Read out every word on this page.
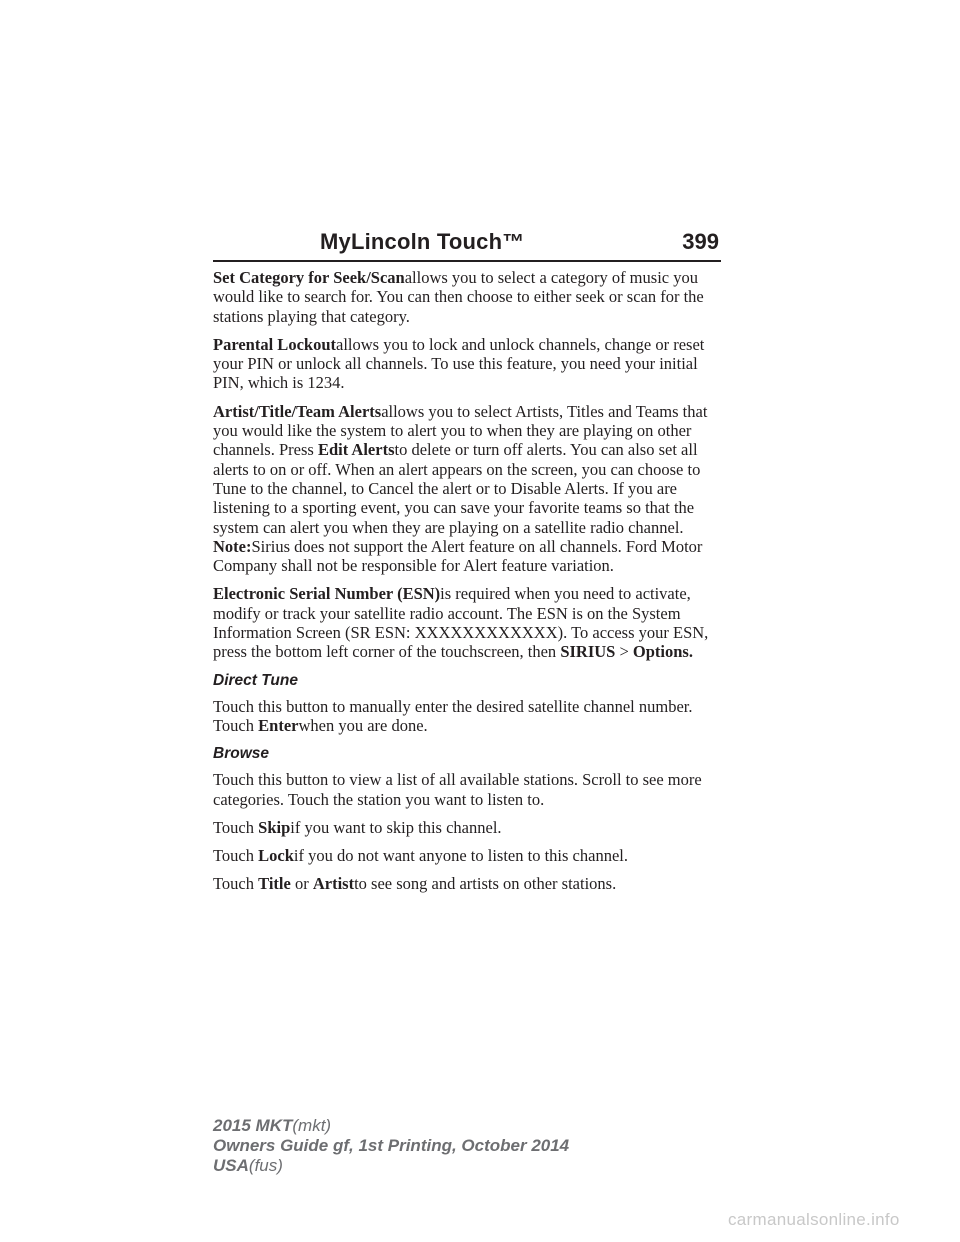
MyLincoln Touch™	399

Set Category for Seek/Scanallows you to select a category of music you would like to search for. You can then choose to either seek or scan for the stations playing that category.

Parental Lockoutallows you to lock and unlock channels, change or reset your PIN or unlock all channels. To use this feature, you need your initial PIN, which is 1234.

Artist/Title/Team Alertsallows you to select Artists, Titles and Teams that you would like the system to alert you to when they are playing on other channels. Press Edit Alertsto delete or turn off alerts. You can also set all alerts to on or off. When an alert appears on the screen, you can choose to Tune to the channel, to Cancel the alert or to Disable Alerts. If you are listening to a sporting event, you can save your favorite teams so that the system can alert you when they are playing on a satellite radio channel.

Note:Sirius does not support the Alert feature on all channels. Ford Motor Company shall not be responsible for Alert feature variation.

Electronic Serial Number (ESN)is required when you need to activate, modify or track your satellite radio account. The ESN is on the System Information Screen (SR ESN: XXXXXXXXXXXX). To access your ESN, press the bottom left corner of the touchscreen, then SIRIUS > Options.

Direct Tune

Touch this button to manually enter the desired satellite channel number. Touch Enterwhen you are done.

Browse

Touch this button to view a list of all available stations. Scroll to see more categories. Touch the station you want to listen to.

Touch Skipif you want to skip this channel.

Touch Lockif you do not want anyone to listen to this channel.

Touch Title or Artistto see song and artists on other stations.

2015 MKT(mkt)
Owners Guide gf, 1st Printing, October 2014
USA(fus)
carmanualsonline.info
